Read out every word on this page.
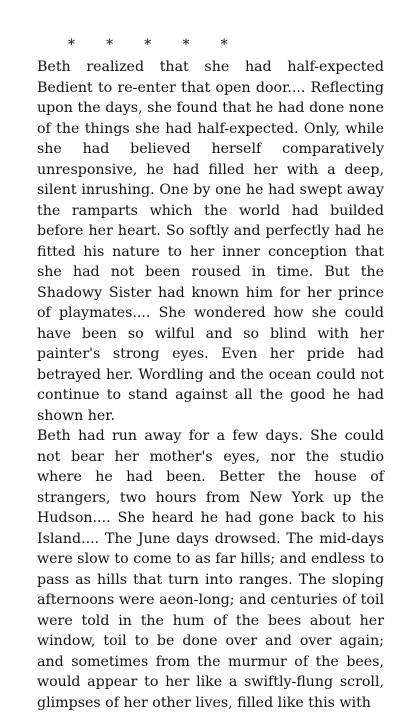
*       *       *       *       *

Beth realized that she had half-expected Bedient to re-enter that open door.... Reflecting upon the days, she found that he had done none of the things she had half-expected. Only, while she had believed herself comparatively unresponsive, he had filled her with a deep, silent inrushing. One by one he had swept away the ramparts which the world had builded before her heart. So softly and perfectly had he fitted his nature to her inner conception that she had not been roused in time. But the Shadowy Sister had known him for her prince of playmates.... She wondered how she could have been so wilful and so blind with her painter's strong eyes. Even her pride had betrayed her. Wordling and the ocean could not continue to stand against all the good he had shown her.

Beth had run away for a few days. She could not bear her mother's eyes, nor the studio where he had been. Better the house of strangers, two hours from New York up the Hudson.... She heard he had gone back to his Island.... The June days drowsed. The mid-days were slow to come to as far hills; and endless to pass as hills that turn into ranges. The sloping afternoons were aeon-long; and centuries of toil were told in the hum of the bees about her window, toil to be done over and over again; and sometimes from the murmur of the bees, would appear to her like a swiftly-flung scroll, glimpses of her other lives, filled like this with
